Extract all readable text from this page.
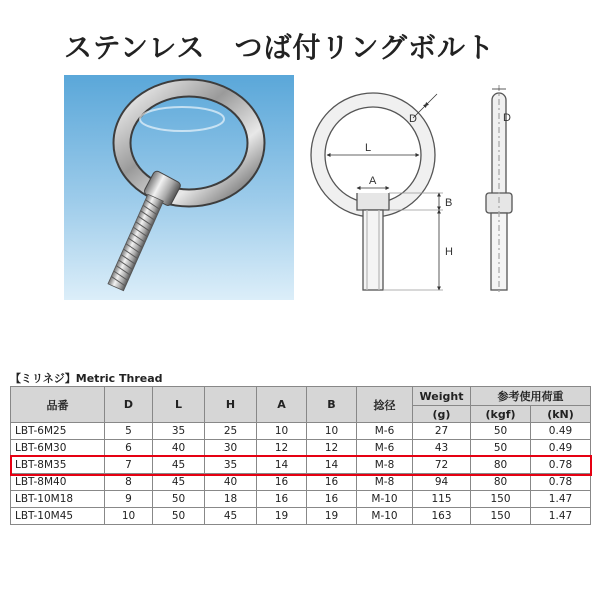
ステンレス　つば付リングボルト
L
A
D
B
H
D
【ミリネジ】Metric Thread
品番	D	L	H	A	B	捻径	Weight	参考使用荷重	
							(g)	(kgf)	(kN)
LBT-6M25	5	35	25	10	10	M-6	27	50	0.49
LBT-6M30	6	40	30	12	12	M-6	43	50	0.49
LBT-8M35	7	45	35	14	14	M-8	72	80	0.78
LBT-8M40	8	45	40	16	16	M-8	94	80	0.78
LBT-10M18	9	50	18	16	16	M-10	115	150	1.47
LBT-10M45	10	50	45	19	19	M-10	163	150	1.47
